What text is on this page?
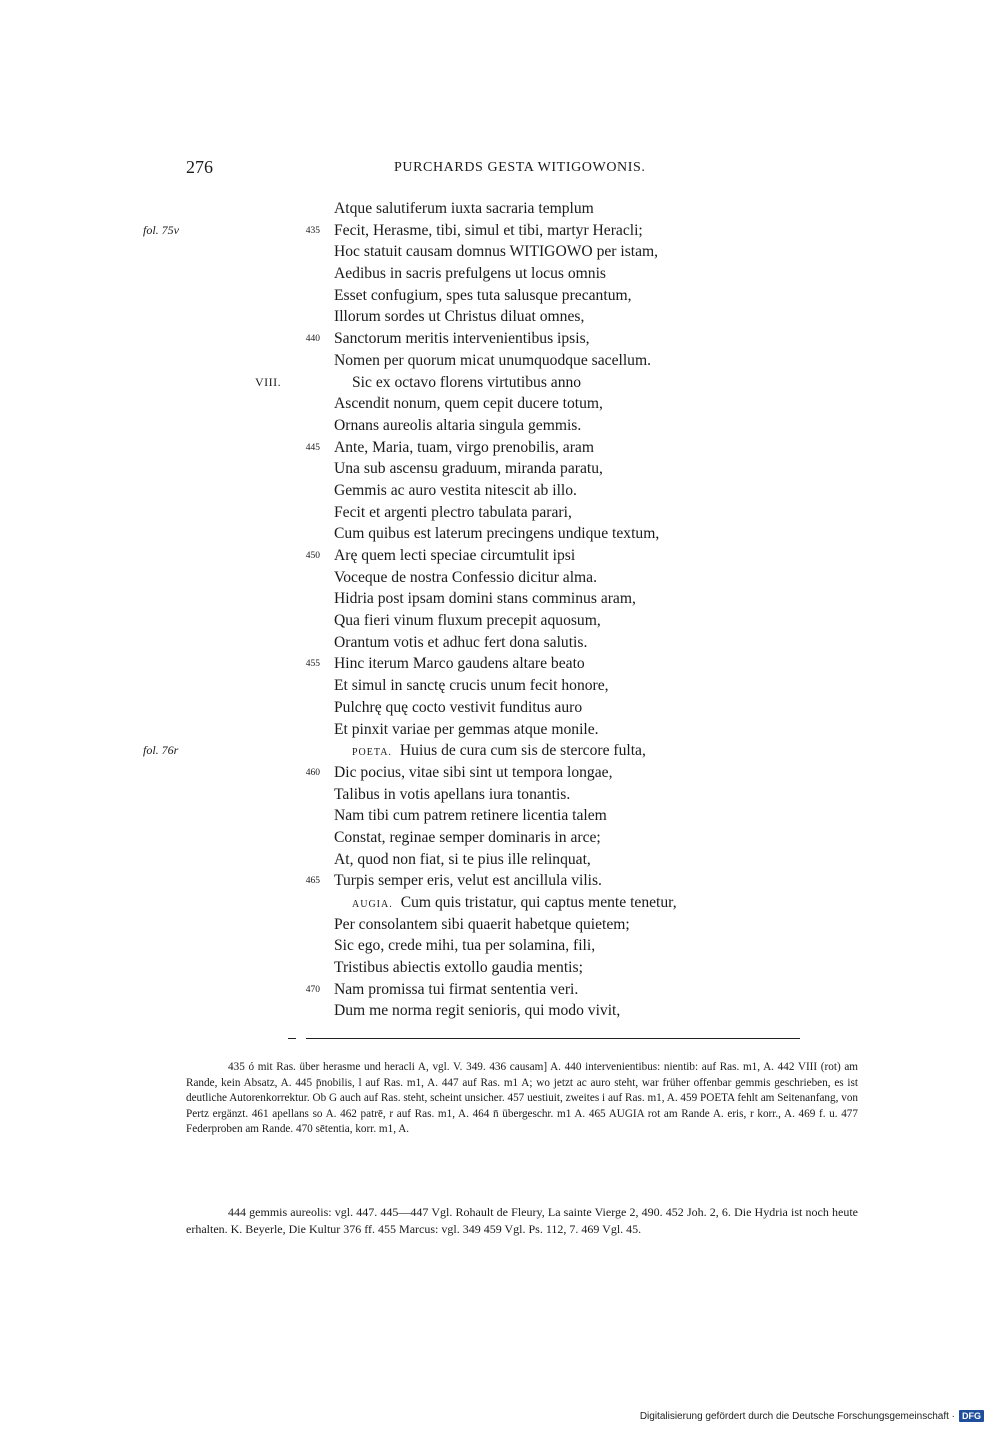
276	PURCHARDS GESTA WITIGOWONIS.
Atque salutiferum iuxta sacraria templum
fol. 75v	435 Fecit, Herasme, tibi, simul et tibi, martyr Heracli;
Hoc statuit causam domnus WITIGOWO per istam,
Aedibus in sacris prefulgens ut locus omnis
Esset confugium, spes tuta salusque precantum,
Illorum sordes ut Christus diluat omnes,
440 Sanctorum meritis intervenientibus ipsis,
Nomen per quorum micat unumquodque sacellum.
VIII.	Sic ex octavo florens virtutibus anno
Ascendit nonum, quem cepit ducere totum,
Ornans aureolis altaria singula gemmis.
445 Ante, Maria, tuam, virgo prenobilis, aram
Una sub ascensu graduum, miranda paratu,
Gemmis ac auro vestita nitescit ab illo.
Fecit et argenti plectro tabulata parari,
Cum quibus est laterum precingens undique textum,
450 Arę quem lecti speciae circumtulit ipsi
Voceque de nostra Confessio dicitur alma.
Hidria post ipsam domini stans comminus aram,
Qua fieri vinum fluxum precepit aquosum,
Orantum votis et adhuc fert dona salutis.
455 Hinc iterum Marco gaudens altare beato
Et simul in sanctę crucis unum fecit honore,
Pulchrę quę cocto vestivit funditus auro
Et pinxit variae per gemmas atque monile.
fol. 76r	POETA. Huius de cura cum sis de stercore fulta,
460 Dic pocius, vitae sibi sint ut tempora longae,
Talibus in votis apellans iura tonantis.
Nam tibi cum patrem retinere licentia talem
Constat, reginae semper dominaris in arce;
At, quod non fiat, si te pius ille relinquat,
465 Turpis semper eris, velut est ancillula vilis.
AUGIA. Cum quis tristatur, qui captus mente tenetur,
Per consolantem sibi quaerit habetque quietem;
Sic ego, crede mihi, tua per solamina, fili,
Tristibus abiectis extollo gaudia mentis;
470 Nam promissa tui firmat sententia veri.
Dum me norma regit senioris, qui modo vivit,
435 ó mit Ras. über herasme und heracli A, vgl. V. 349. 436 causam] A. 440 intervenientibus: nientib: auf Ras. m1, A. 442 VIII (rot) am Rande, kein Absatz, A. 445 p̄nobilis, l auf Ras. m1, A. 447 auf Ras. m1 A; wo jetzt ac auro steht, war früher offenbar gemmis geschrieben, es ist deutliche Autorenkorrektur. Ob G auch auf Ras. steht, scheint unsicher. 457 uestiuit, zweites i auf Ras. m1, A. 459 POETA fehlt am Seitenanfang, von Pertz ergänzt. 461 apellans so A. 462 patrē, r auf Ras. m1, A. 464 n̄ übergeschr. m1 A. 465 AUGIA rot am Rande A. eris, r korr., A. 469 f. u. 477 Federproben am Rande. 470 sētentia, korr. m1, A.
444 gemmis aureolis: vgl. 447. 445—447 Vgl. Rohault de Fleury, La sainte Vierge 2, 490. 452 Joh. 2, 6. Die Hydria ist noch heute erhalten. K. Beyerle, Die Kultur 376 ff. 455 Marcus: vgl. 349 459 Vgl. Ps. 112, 7. 469 Vgl. 45.
Digitalisierung gefördert durch die Deutsche Forschungsgemeinschaft · DFG
